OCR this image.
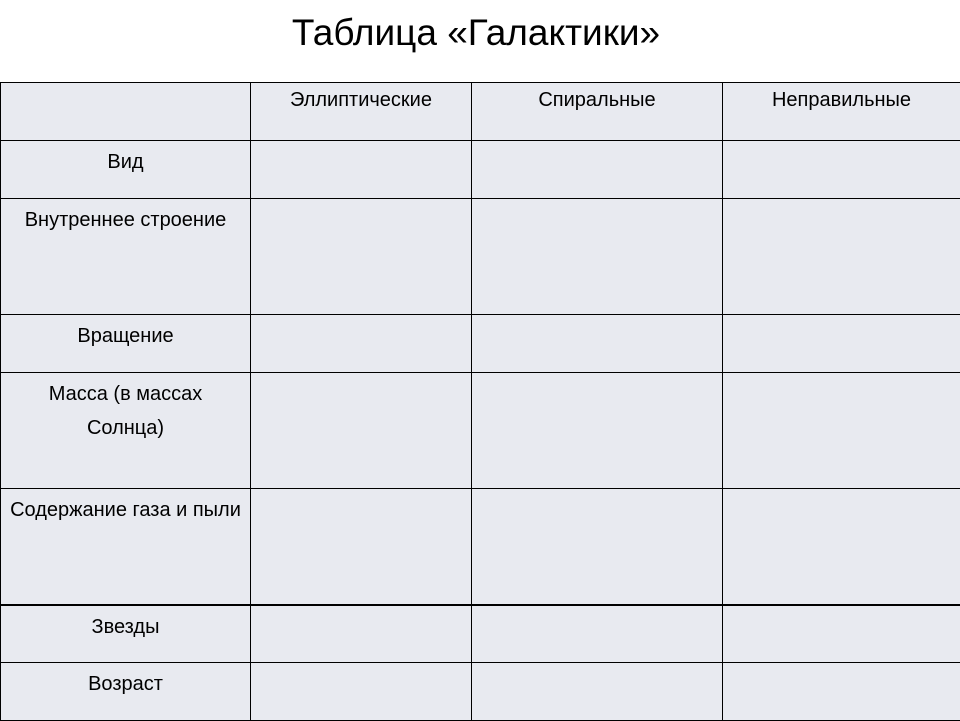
Таблица «Галактики»
	Эллиптические	Спиральные	Неправильные
Вид			
Внутреннее строение			
Вращение			
Масса (в массах Солнца)			
Содержание газа и пыли			
Звезды			
Возраст			
